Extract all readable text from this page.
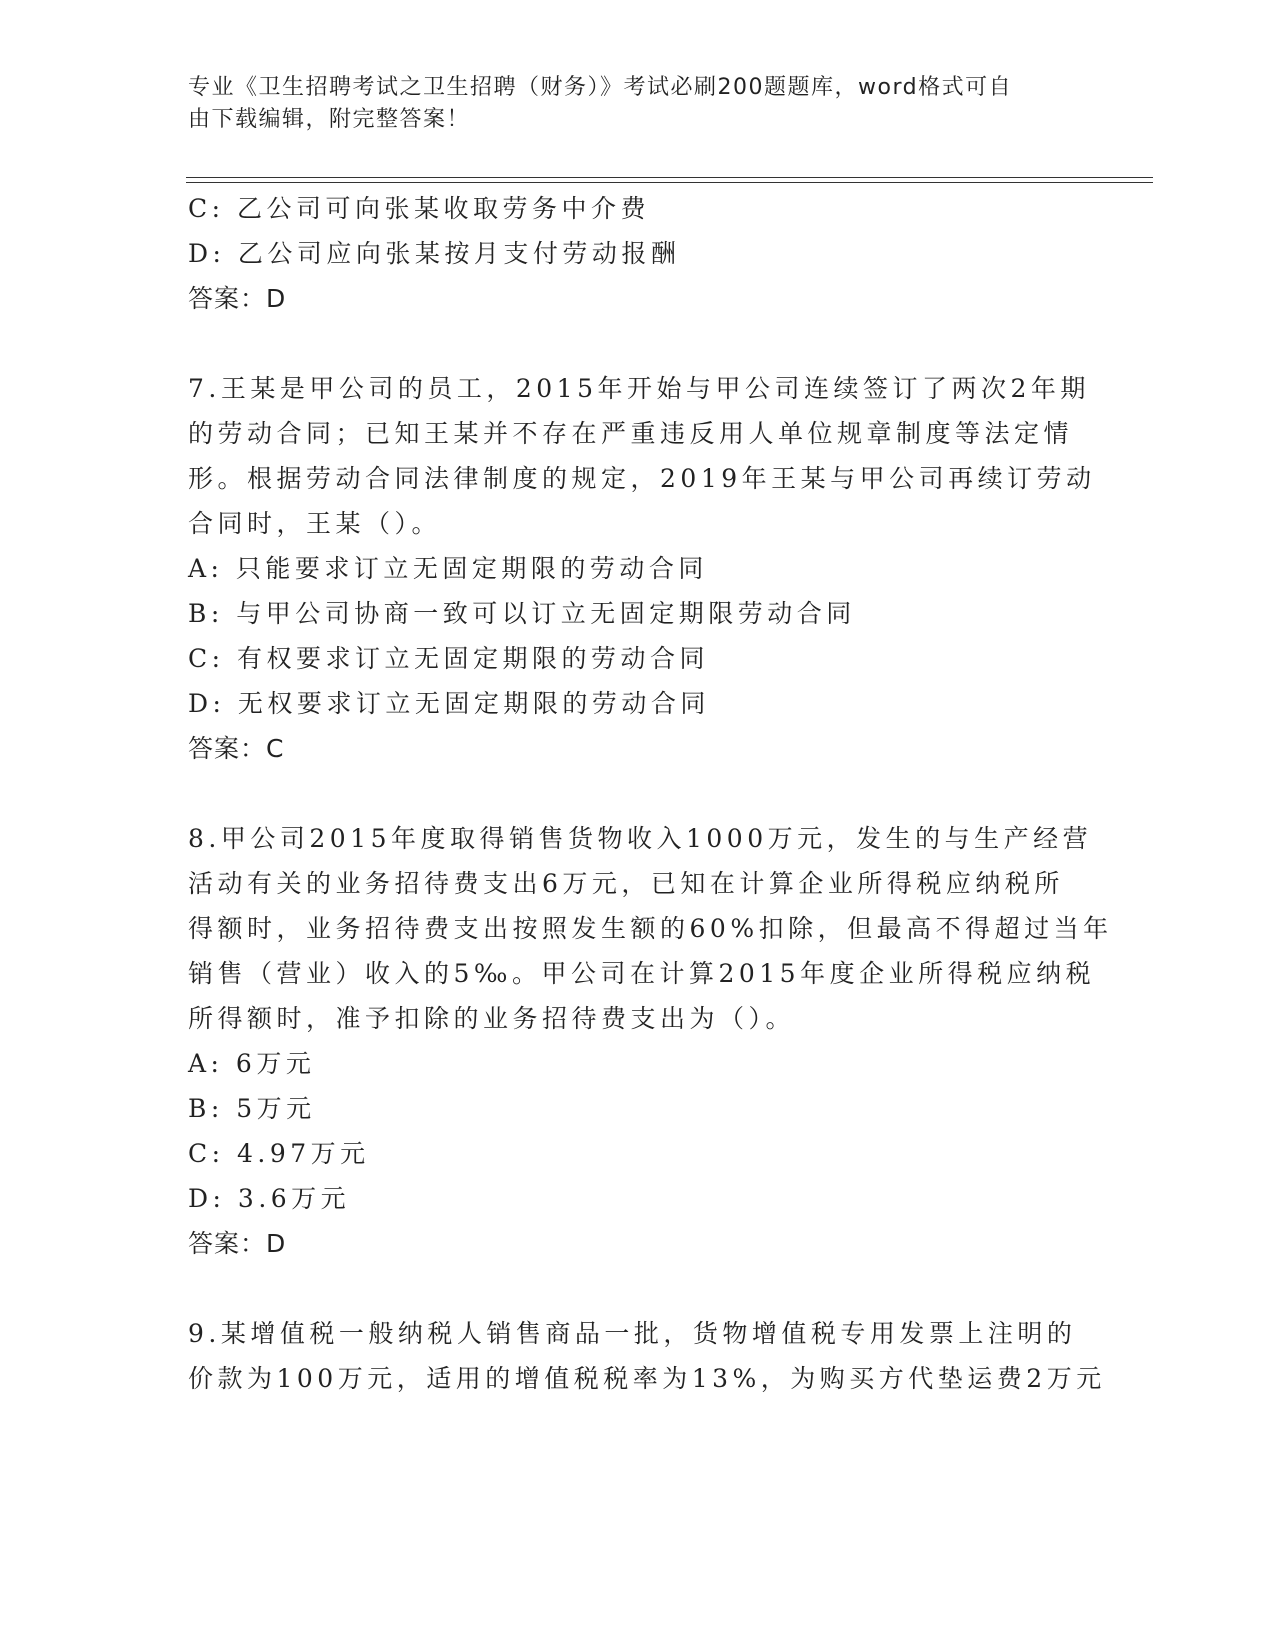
专业《卫生招聘考试之卫生招聘（财务）》考试必刷200题题库，word格式可自
由下载编辑，附完整答案！
C: 乙公司可向张某收取劳务中介费
D: 乙公司应向张某按月支付劳动报酬
答案：D
7.王某是甲公司的员工，2015年开始与甲公司连续签订了两次2年期
的劳动合同；已知王某并不存在严重违反用人单位规章制度等法定情
形。根据劳动合同法律制度的规定，2019年王某与甲公司再续订劳动
合同时，王某（）。
A: 只能要求订立无固定期限的劳动合同
B: 与甲公司协商一致可以订立无固定期限劳动合同
C: 有权要求订立无固定期限的劳动合同
D: 无权要求订立无固定期限的劳动合同
答案：C
8.甲公司2015年度取得销售货物收入1000万元，发生的与生产经营
活动有关的业务招待费支出6万元，已知在计算企业所得税应纳税所
得额时，业务招待费支出按照发生额的60%扣除，但最高不得超过当年
销售（营业）收入的5‰。甲公司在计算2015年度企业所得税应纳税
所得额时，准予扣除的业务招待费支出为（）。
A: 6万元
B: 5万元
C: 4.97万元
D: 3.6万元
答案：D
9.某增值税一般纳税人销售商品一批，货物增值税专用发票上注明的
价款为100万元，适用的增值税税率为13%，为购买方代垫运费2万元
